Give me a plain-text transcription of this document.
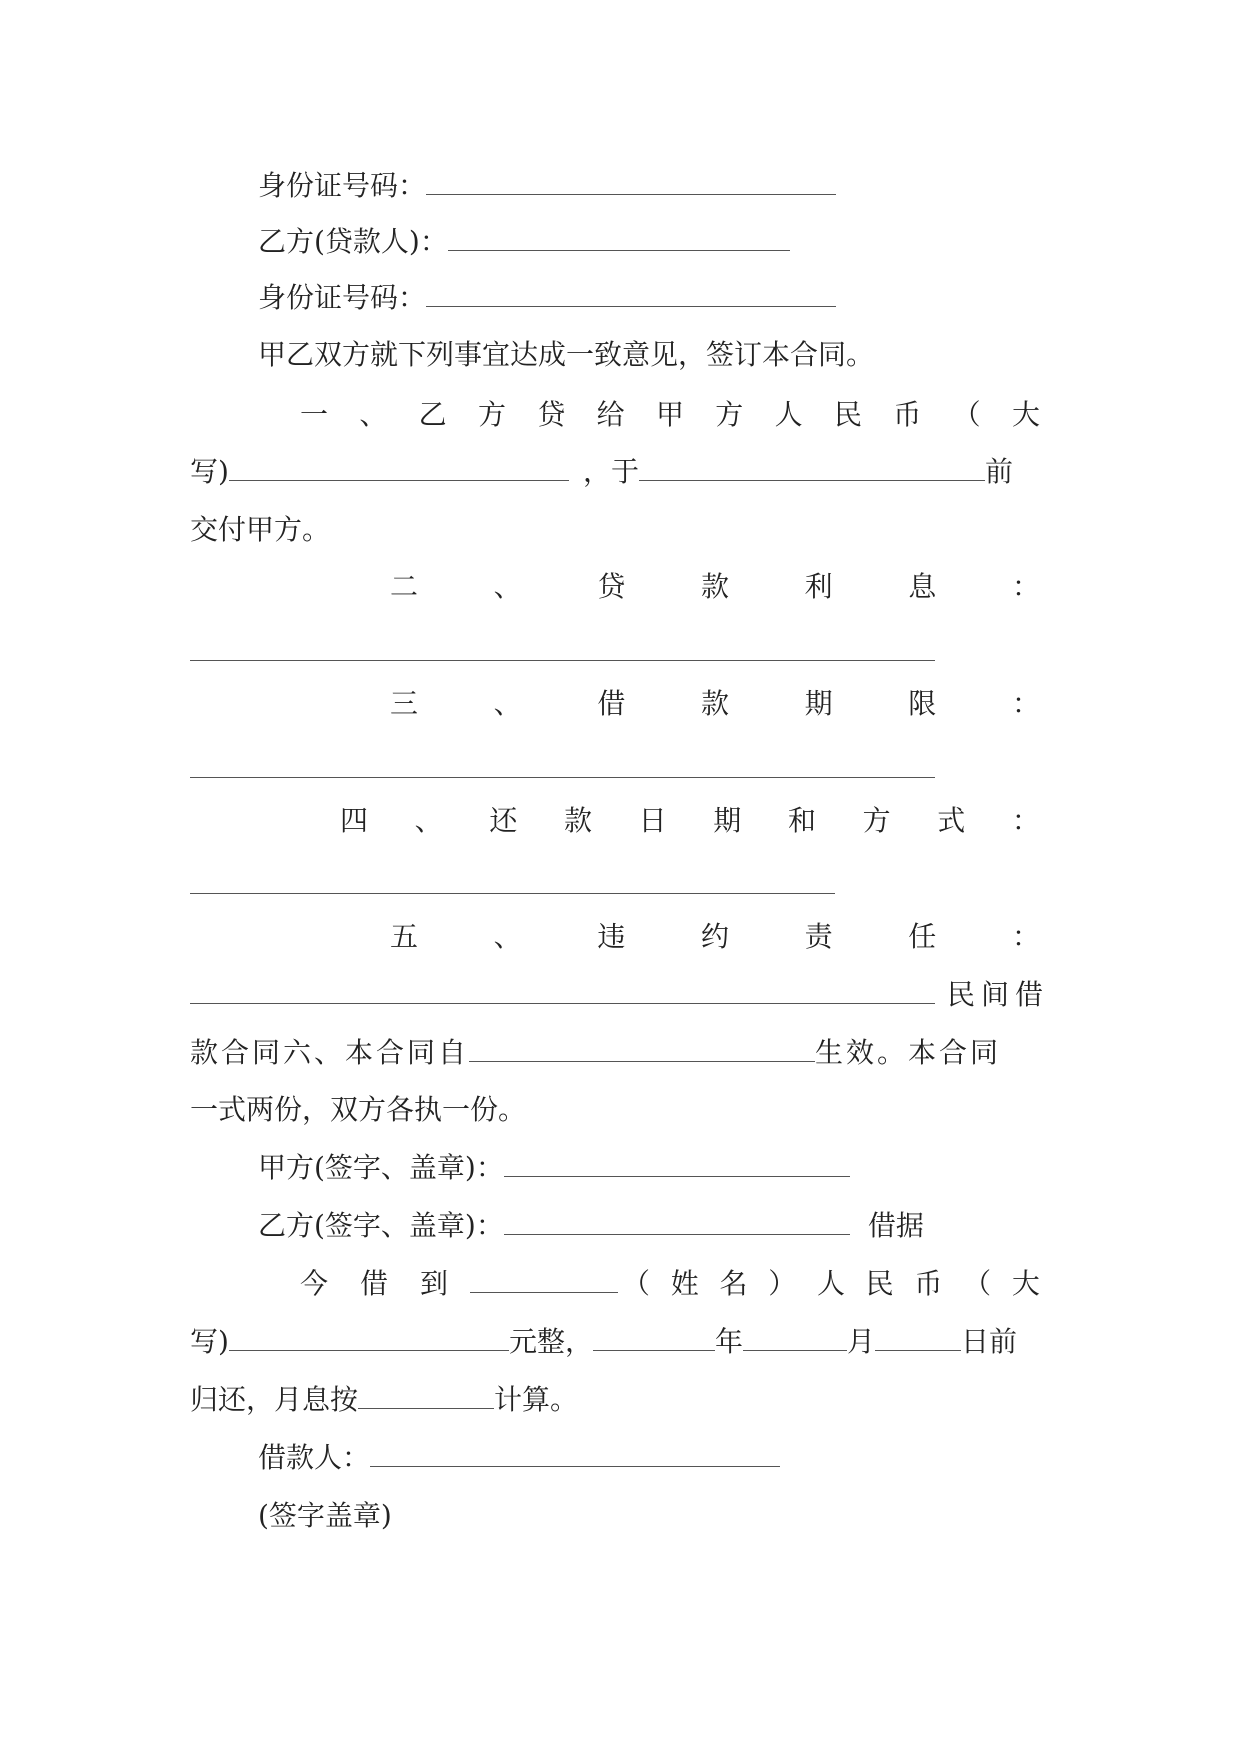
身份证号码：
乙方(贷款人)：
身份证号码：
甲乙双方就下列事宜达成一致意见，签订本合同。
一 、 乙 方 贷 给 甲 方 人 民 币 （ 大
写)	，于	前
交付甲方。
二	、	贷	款	利	息	：
三	、	借	款	期	限	：
四 、 还 款 日 期 和 方 式 ：
五	、	违	约	责	任	：
民间借
款合同六、本合同自	生效。本合同
一式两份，双方各执一份。
甲方(签字、盖章)：
乙方(签字、盖章)：	借据
今 借 到	（ 姓 名 ） 人 民 币 （ 大
写)	元整，	年	月	日前
归还，月息按	计算。
借款人：
(签字盖章)
